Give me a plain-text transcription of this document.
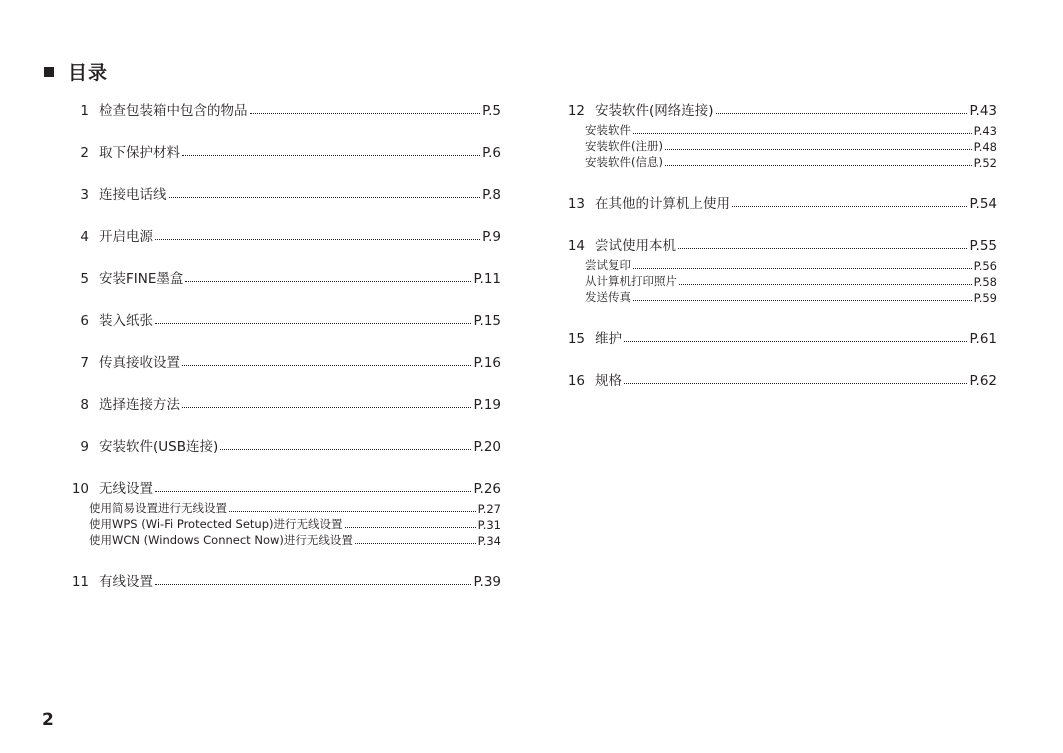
目录
1 检查包装箱中包含的物品	P.5
2 取下保护材料	P.6
3 连接电话线	P.8
4 开启电源	P.9
5 安装FINE墨盒	P.11
6 装入纸张	P.15
7 传真接收设置	P.16
8 选择连接方法	P.19
9 安装软件(USB连接)	P.20
10 无线设置	P.26
使用简易设置进行无线设置	P.27
使用WPS (Wi-Fi Protected Setup)进行无线设置	P.31
使用WCN (Windows Connect Now)进行无线设置	P.34
11 有线设置	P.39
12 安装软件(网络连接)	P.43
安装软件	P.43
安装软件(注册)	P.48
安装软件(信息)	P.52
13 在其他的计算机上使用	P.54
14 尝试使用本机	P.55
尝试复印	P.56
从计算机打印照片	P.58
发送传真	P.59
15 维护	P.61
16 规格	P.62
2
